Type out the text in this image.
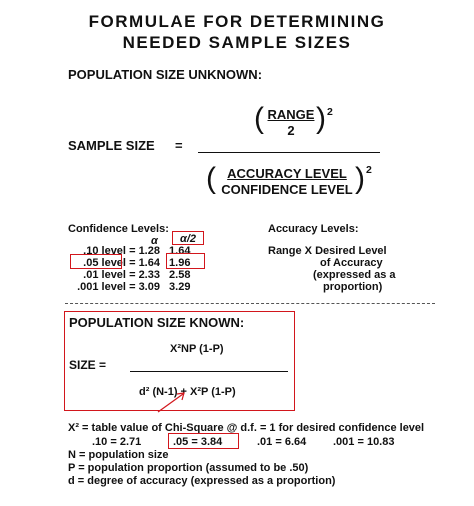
FORMULAE FOR DETERMINING
NEEDED SAMPLE SIZES
POPULATION SIZE UNKNOWN:
( RANGE
2 ) 2
SAMPLE SIZE =
( ACCURACY LEVEL
CONFIDENCE LEVEL ) 2
Confidence Levels:
α	α/2
.10 level = 1.28 1.64
.05 level = 1.64 1.96
.01 level = 2.33 2.58
.001 level = 3.09 3.29
Accuracy Levels:
Range X Desired Level
of Accuracy
(expressed as a
proportion)
POPULATION SIZE KNOWN:
X²NP (1-P)
SIZE =
d² (N-1) + X²P (1-P)
X² = table value of Chi-Square @ d.f. = 1 for desired confidence level
.10 = 2.71	.05 = 3.84	.01 = 6.64 .001 = 10.83
N = population size
P = population proportion (assumed to be .50)
d = degree of accuracy (expressed as a proportion)
